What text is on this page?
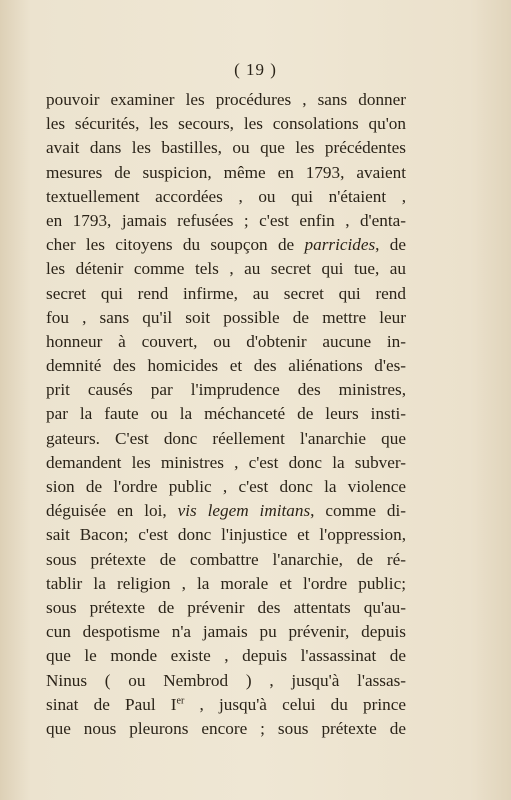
( 19 )
pouvoir examiner les procédures , sans donner
les sécurités, les secours, les consolations qu'on
avait dans les bastilles, ou que les précédentes
mesures de suspicion, même en 1793, avaient
textuellement accordées , ou qui n'étaient ,
en 1793, jamais refusées ; c'est enfin , d'enta-
cher les citoyens du soupçon de parricides, de
les détenir comme tels , au secret qui tue, au
secret qui rend infirme, au secret qui rend
fou , sans qu'il soit possible de mettre leur
honneur à couvert, ou d'obtenir aucune in-
demnité des homicides et des aliénations d'es-
prit causés par l'imprudence des ministres,
par la faute ou la méchanceté de leurs insti-
gateurs. C'est donc réellement l'anarchie que
demandent les ministres , c'est donc la subver-
sion de l'ordre public , c'est donc la violence
déguisée en loi, vis legem imitans, comme di-
sait Bacon; c'est donc l'injustice et l'oppression,
sous prétexte de combattre l'anarchie, de ré-
tablir la religion , la morale et l'ordre public;
sous prétexte de prévenir des attentats qu'au-
cun despotisme n'a jamais pu prévenir, depuis
que le monde existe , depuis l'assassinat de
Ninus ( ou Nembrod ) , jusqu'à l'assas-
sinat de Paul Ier , jusqu'à celui du prince
que nous pleurons encore ; sous prétexte de
